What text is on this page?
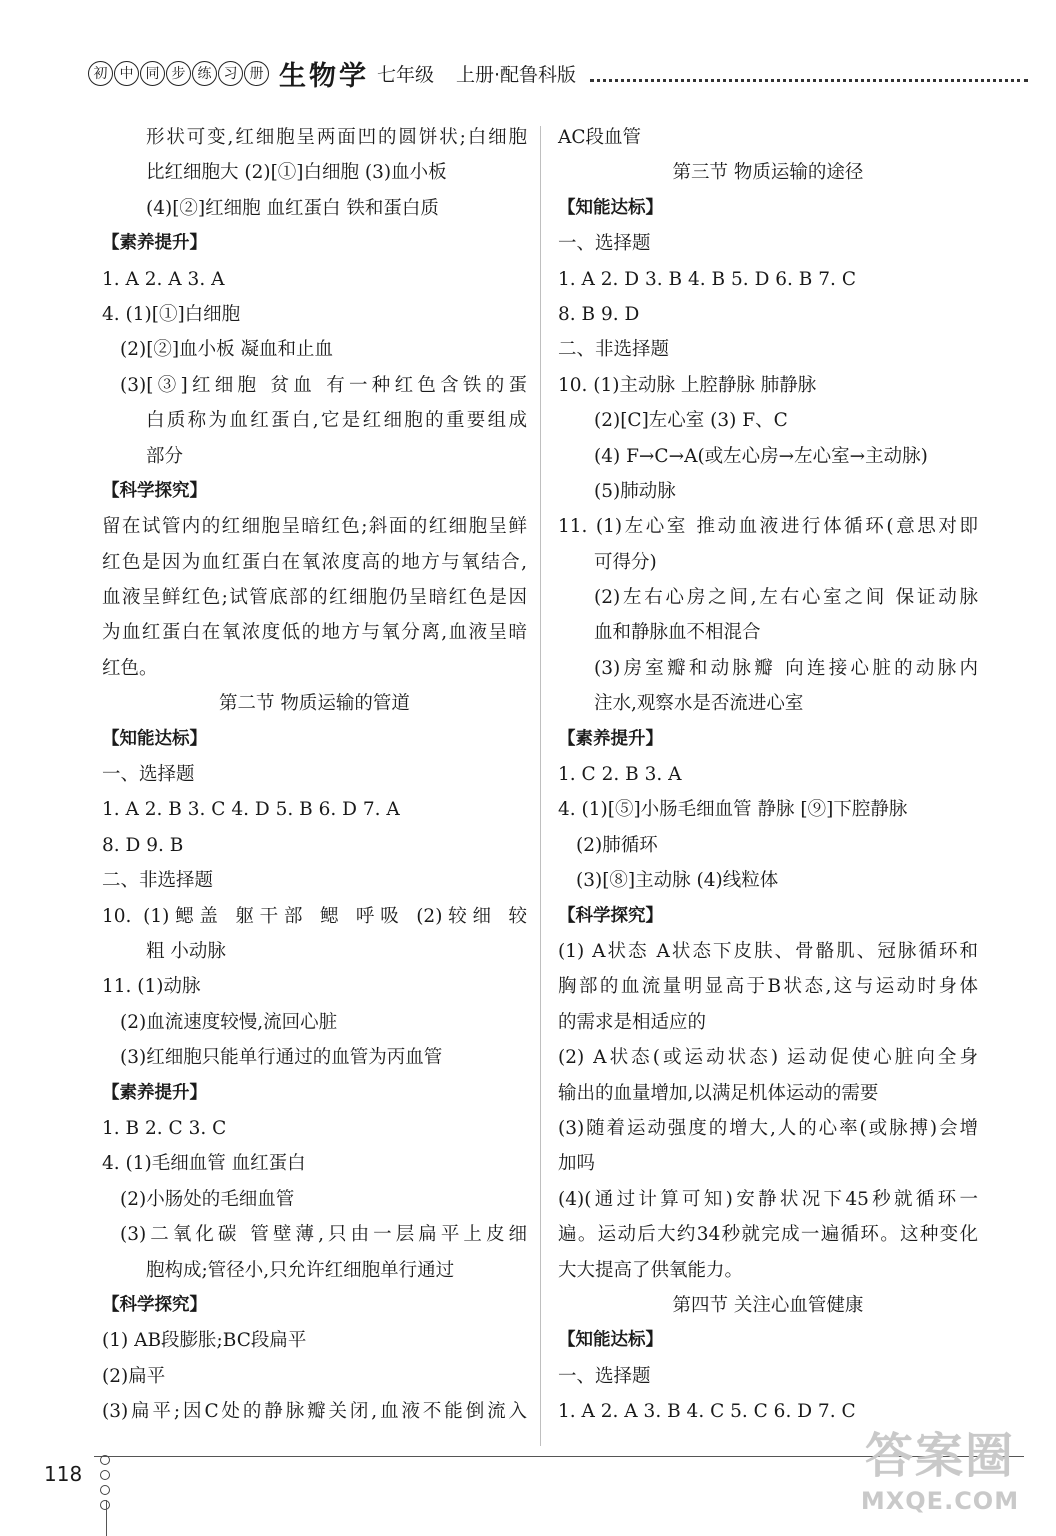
初 中 同 步 练 习 册 生物学 七年级 上册·配鲁科版
形状可变,红细胞呈两面凹的圆饼状;白细胞
比红细胞大 (2)[①]白细胞 (3)血小板
(4)[②]红细胞 血红蛋白 铁和蛋白质
【素养提升】
1. A 2. A 3. A
4. (1)[①]白细胞
(2)[②]血小板 凝血和止血
(3)[③]红细胞 贫血 有一种红色含铁的蛋
白质称为血红蛋白,它是红细胞的重要组成
部分
【科学探究】
留在试管内的红细胞呈暗红色;斜面的红细胞呈鲜
红色是因为血红蛋白在氧浓度高的地方与氧结合,
血液呈鲜红色;试管底部的红细胞仍呈暗红色是因
为血红蛋白在氧浓度低的地方与氧分离,血液呈暗
红色。
第二节 物质运输的管道
【知能达标】
一、选择题
1. A 2. B 3. C 4. D 5. B 6. D 7. A
8. D 9. B
二、非选择题
10. (1)鳃盖 躯干部 鳃 呼吸 (2)较细 较
粗 小动脉
11. (1)动脉
(2)血流速度较慢,流回心脏
(3)红细胞只能单行通过的血管为丙血管
【素养提升】
1. B 2. C 3. C
4. (1)毛细血管 血红蛋白
(2)小肠处的毛细血管
(3)二氧化碳 管壁薄,只由一层扁平上皮细
胞构成;管径小,只允许红细胞单行通过
【科学探究】
(1) AB段膨胀;BC段扁平
(2)扁平
(3)扁平;因C处的静脉瓣关闭,血液不能倒流入
AC段血管
第三节 物质运输的途径
【知能达标】
一、选择题
1. A 2. D 3. B 4. B 5. D 6. B 7. C
8. B 9. D
二、非选择题
10. (1)主动脉 上腔静脉 肺静脉
(2)[C]左心室 (3) F、C
(4) F→C→A(或左心房→左心室→主动脉)
(5)肺动脉
11. (1)左心室 推动血液进行体循环(意思对即
可得分)
(2)左右心房之间,左右心室之间 保证动脉
血和静脉血不相混合
(3)房室瓣和动脉瓣 向连接心脏的动脉内
注水,观察水是否流进心室
【素养提升】
1. C 2. B 3. A
4. (1)[⑤]小肠毛细血管 静脉 [⑨]下腔静脉
(2)肺循环
(3)[⑧]主动脉 (4)线粒体
【科学探究】
(1) A状态 A状态下皮肤、骨骼肌、冠脉循环和
胸部的血流量明显高于B状态,这与运动时身体
的需求是相适应的
(2) A状态(或运动状态) 运动促使心脏向全身
输出的血量增加,以满足机体运动的需要
(3)随着运动强度的增大,人的心率(或脉搏)会增
加吗
(4)(通过计算可知)安静状况下45秒就循环一
遍。运动后大约34秒就完成一遍循环。这种变化
大大提高了供氧能力。
第四节 关注心血管健康
【知能达标】
一、选择题
1. A 2. A 3. B 4. C 5. C 6. D 7. C
118	答案圈
MXQE.COM
